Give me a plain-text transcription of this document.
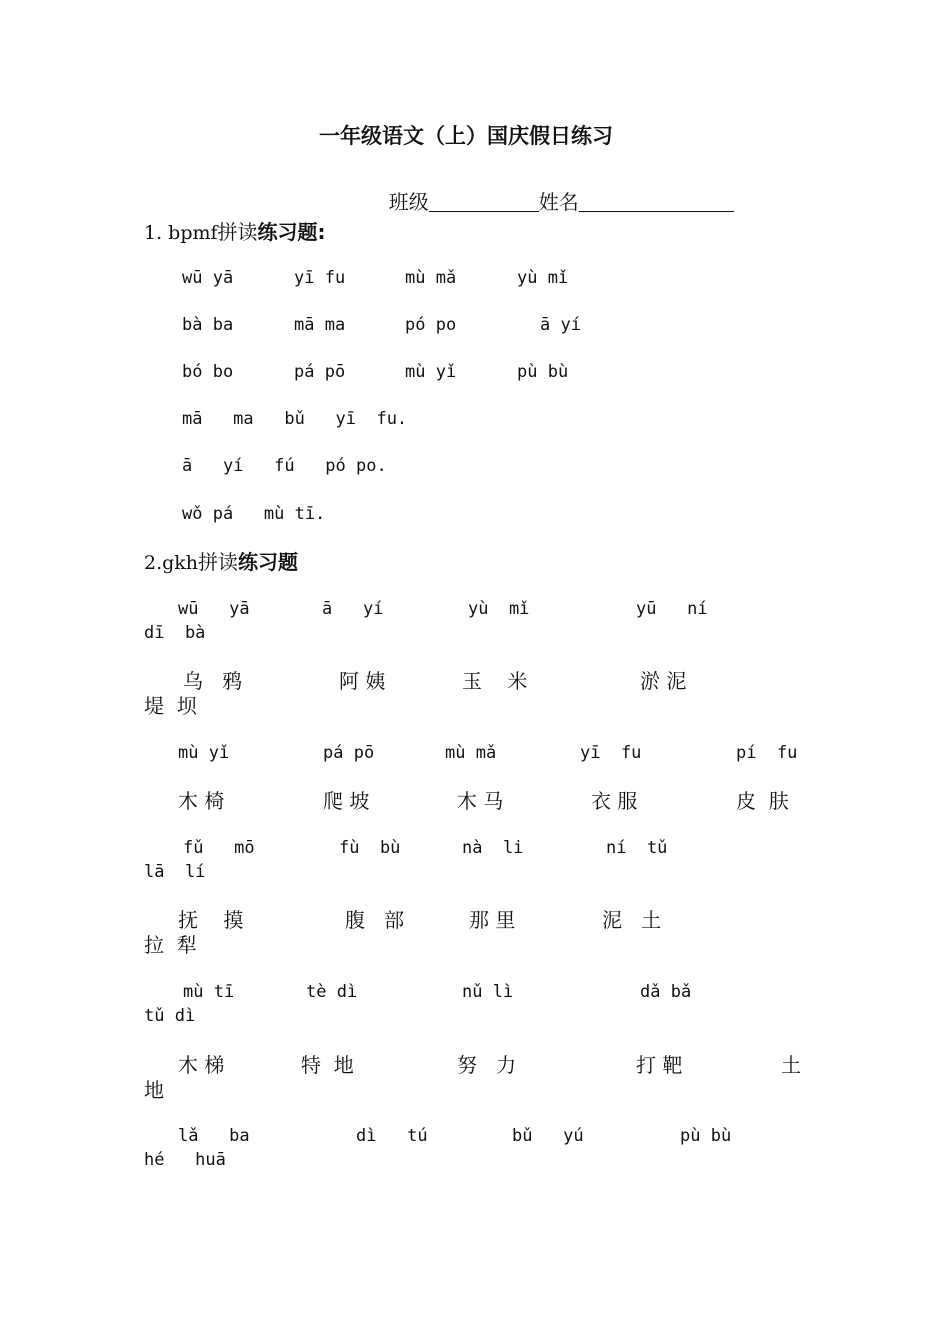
一年级语文（上）国庆假日练习

班级	姓名

1. bpmf拼读练习题:
wū yā	yī fu	mù mǎ	yù mǐ
bà ba	mā ma	pó po	ā yí
bó bo	pá pō	mù yǐ	pù bù
mā   ma   bǔ   yī  fu.
ā   yí   fú   pó po.
wǒ pá   mù tī.
2.gkh拼读练习题
wū   yā	ā   yí	yù  mǐ	yū   ní
dī  bà
乌   鸦	阿 姨	玉    米	淤 泥
堤  坝
mù yǐ	pá pō	mù mǎ	yī  fu	pí  fu
木 椅	爬 坡	木 马	衣 服	皮  肤
fǔ   mō	fù  bù	nà  li	ní  tǔ
lā  lí
抚    摸	腹   部	那 里	泥   土
拉  犁
mù tī	tè dì	nǔ lì	dǎ bǎ
tǔ dì
木 梯	特  地	努   力	打 靶	土
地
lǎ   ba	dì   tú	bǔ   yú	pù bù
hé   huā
